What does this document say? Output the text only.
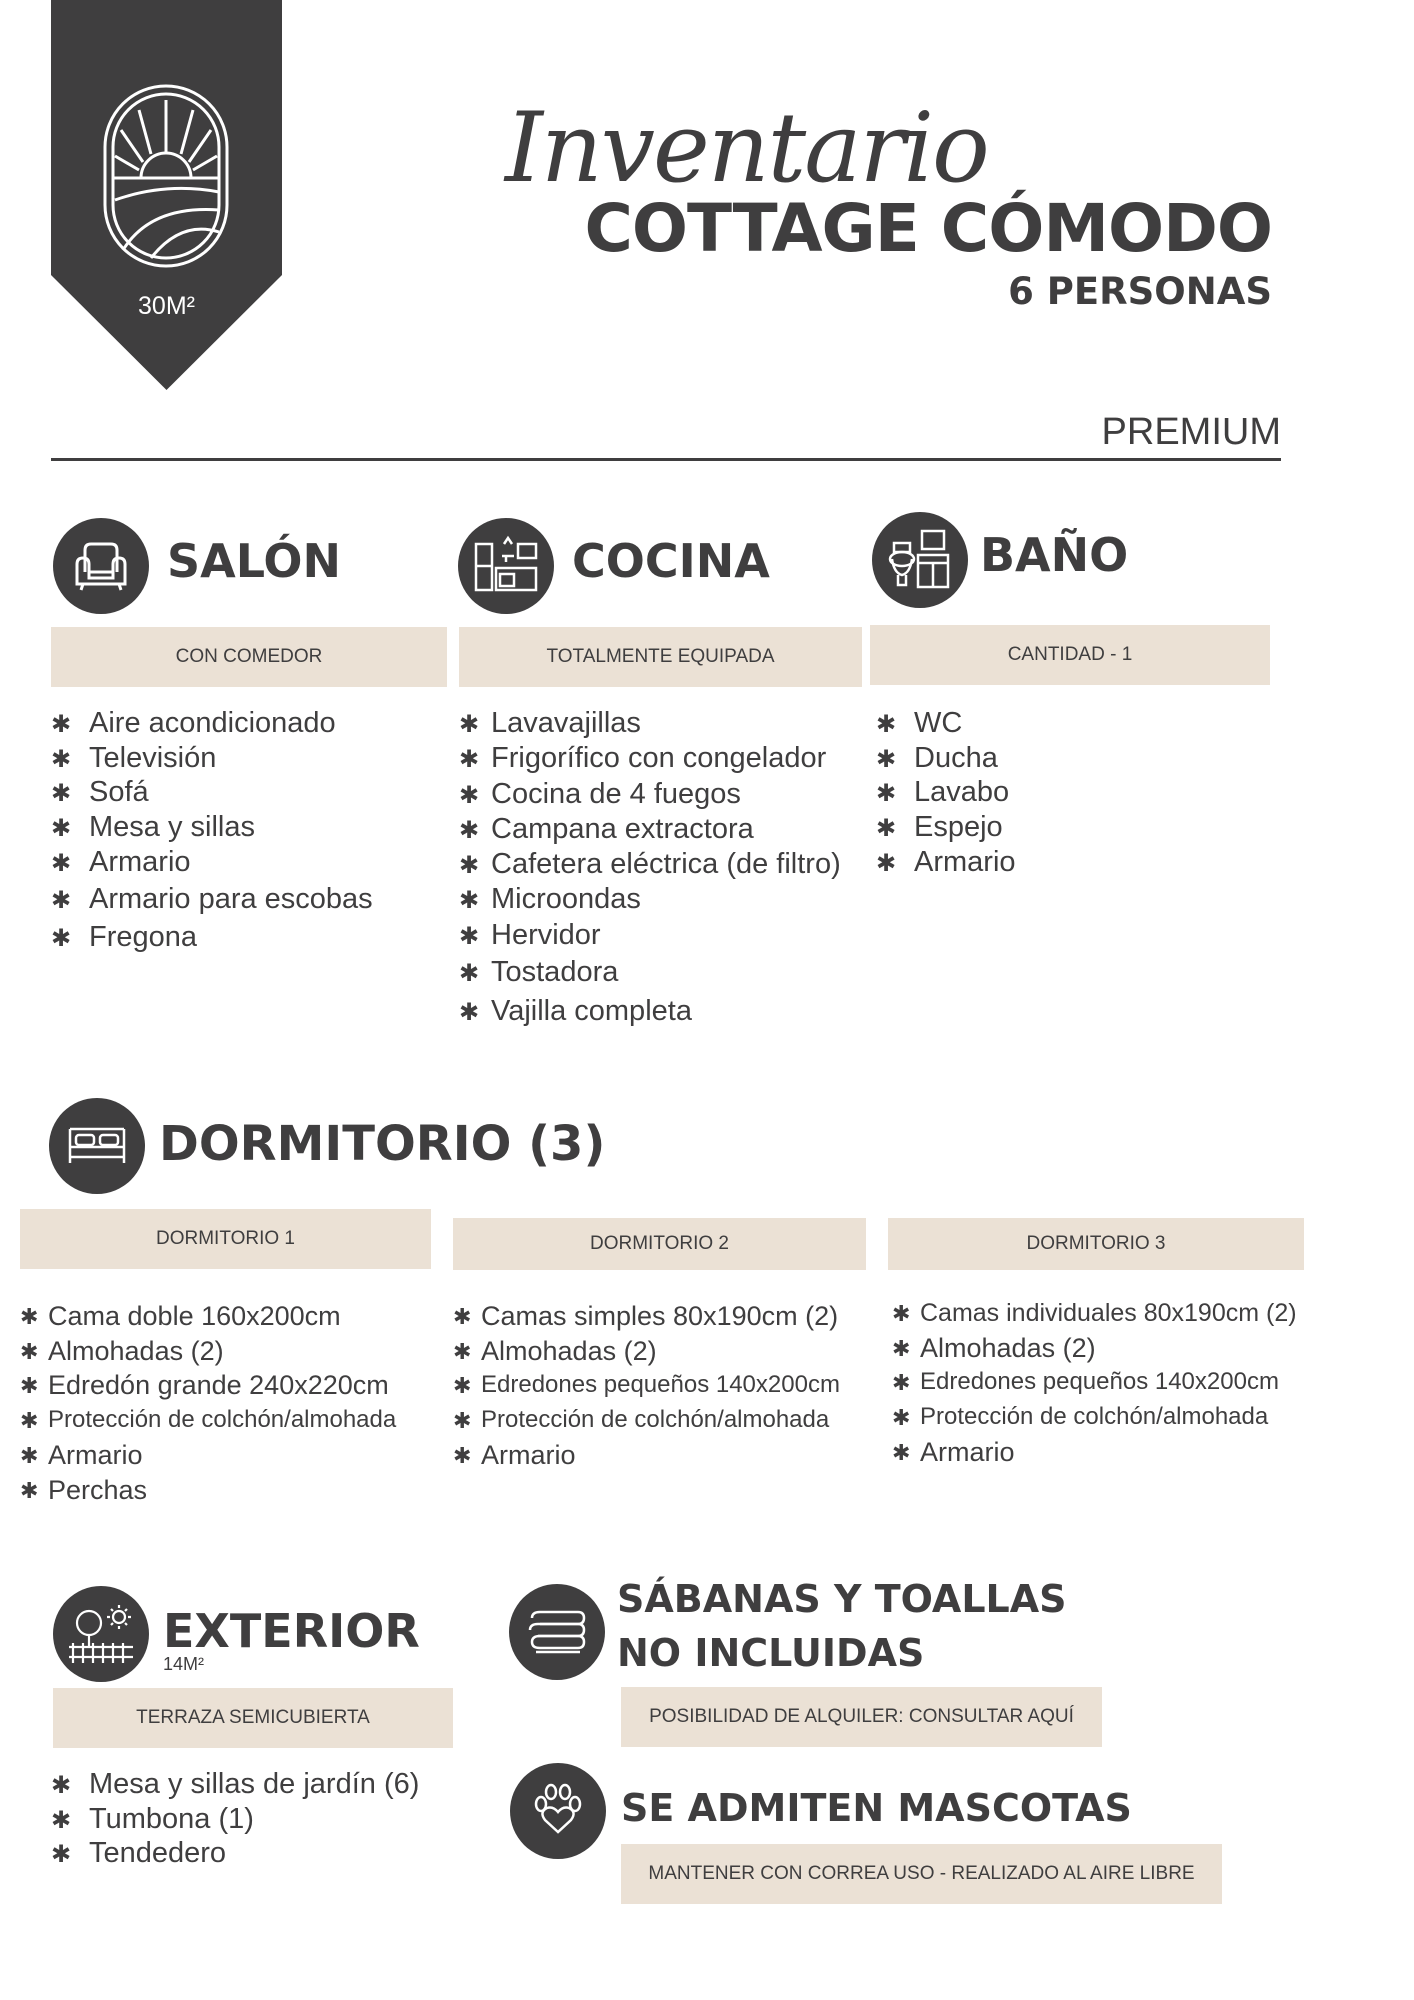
30M²
Inventario
COTTAGE CÓMODO
6 PERSONAS
PREMIUM
SALÓN
CON COMEDOR
✱ Aire acondicionado
✱ Televisión
✱ Sofá
✱ Mesa y sillas
✱ Armario
✱ Armario para escobas
✱ Fregona
COCINA
TOTALMENTE EQUIPADA
✱ Lavavajillas
✱ Frigorífico con congelador
✱ Cocina de 4 fuegos
✱ Campana extractora
✱ Cafetera eléctrica (de filtro)
✱ Microondas
✱ Hervidor
✱ Tostadora
✱ Vajilla completa
BAÑO
CANTIDAD - 1
✱ WC
✱ Ducha
✱ Lavabo
✱ Espejo
✱ Armario
DORMITORIO (3)
DORMITORIO 1	DORMITORIO 2	DORMITORIO 3
✱ Cama doble 160x200cm
✱ Almohadas (2)
✱ Edredón grande 240x220cm
✱ Protección de colchón/almohada
✱ Armario
✱ Perchas
✱ Camas simples 80x190cm (2)
✱ Almohadas (2)
✱ Edredones pequeños 140x200cm
✱ Protección de colchón/almohada
✱ Armario
✱ Camas individuales 80x190cm (2)
✱ Almohadas (2)
✱ Edredones pequeños 140x200cm
✱ Protección de colchón/almohada
✱ Armario
EXTERIOR
14M²
TERRAZA SEMICUBIERTA
✱ Mesa y sillas de jardín (6)
✱ Tumbona (1)
✱ Tendedero
SÁBANAS Y TOALLAS
NO INCLUIDAS
POSIBILIDAD DE ALQUILER: CONSULTAR AQUÍ
SE ADMITEN MASCOTAS
MANTENER CON CORREA USO - REALIZADO AL AIRE LIBRE
